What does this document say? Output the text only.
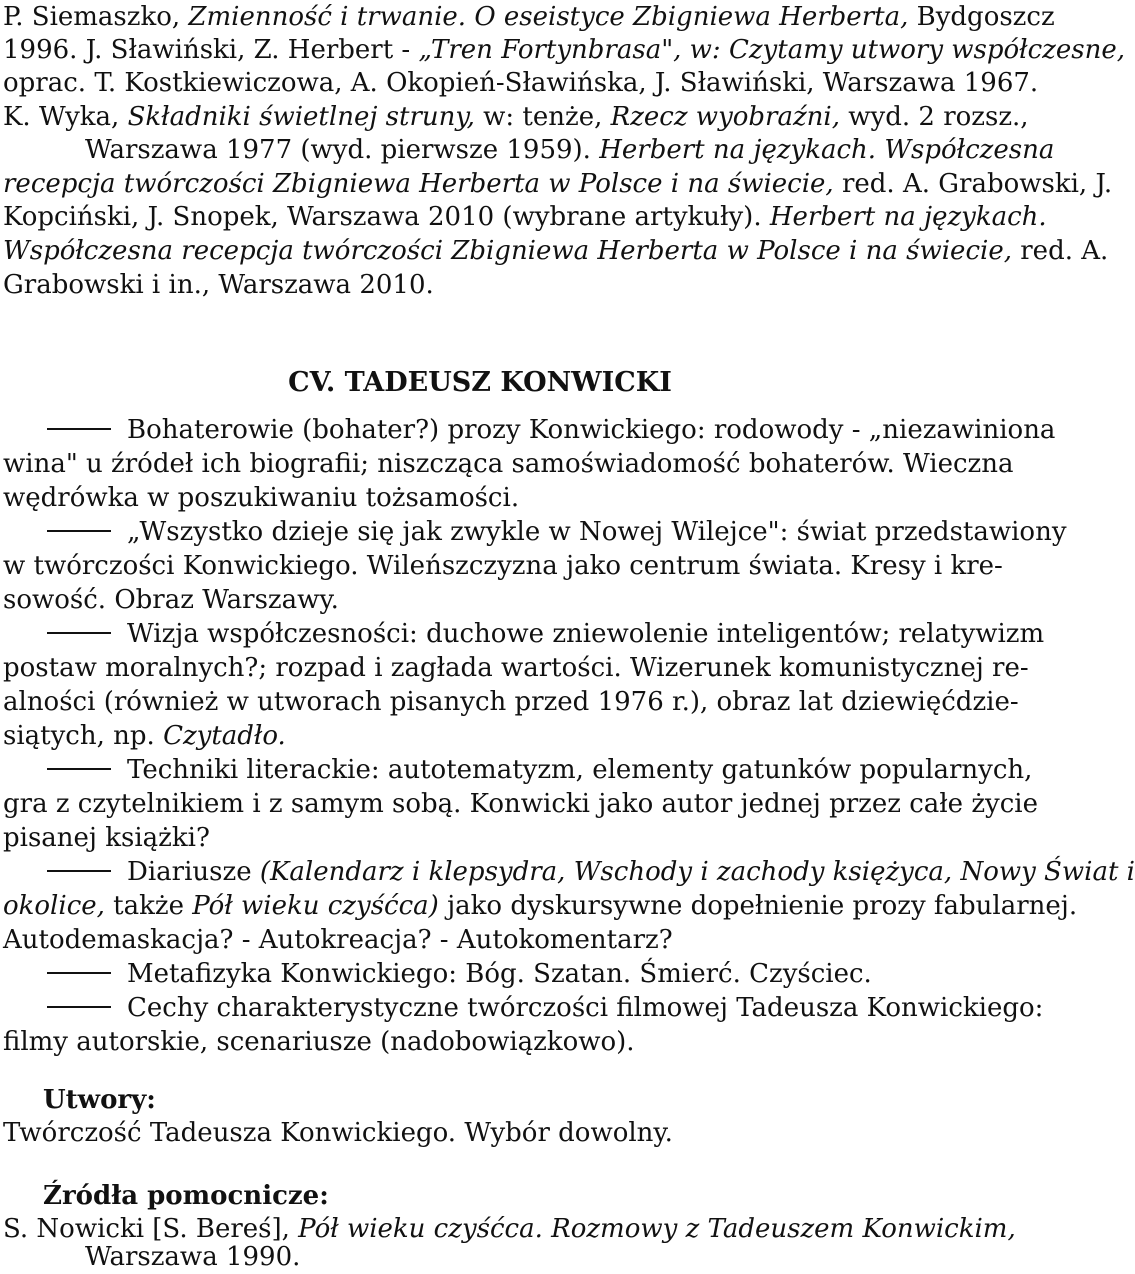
P. Siemaszko, Zmienność i trwanie. O eseistyce Zbigniewa Herberta, Bydgoszcz

1996. J. Sławiński, Z. Herbert - „Tren Fortynbrasa", w: Czytamy utwory współczesne,

oprac. T. Kostkiewiczowa, A. Okopień-Sławińska, J. Sławiński, Warszawa 1967.

K. Wyka, Składniki świetlnej struny, w: tenże, Rzecz wyobraźni, wyd. 2 rozsz.,

Warszawa 1977 (wyd. pierwsze 1959). Herbert na językach. Współczesna

recepcja twórczości Zbigniewa Herberta w Polsce i na świecie, red. A. Grabowski, J.

Kopciński, J. Snopek, Warszawa 2010 (wybrane artykuły). Herbert na językach.

Współczesna recepcja twórczości Zbigniewa Herberta w Polsce i na świecie, red. A.

Grabowski i in., Warszawa 2010.

CV. TADEUSZ KONWICKI

Bohaterowie (bohater?) prozy Konwickiego: rodowody - „niezawiniona

wina" u źródeł ich biografii; niszcząca samoświadomość bohaterów. Wieczna

wędrówka w poszukiwaniu tożsamości.

„Wszystko dzieje się jak zwykle w Nowej Wilejce": świat przedstawiony

w twórczości Konwickiego. Wileńszczyzna jako centrum świata. Kresy i kre-

sowość. Obraz Warszawy.

Wizja współczesności: duchowe zniewolenie inteligentów; relatywizm

postaw moralnych?; rozpad i zagłada wartości. Wizerunek komunistycznej re-

alności (również w utworach pisanych przed 1976 r.), obraz lat dziewięćdzie-

siątych, np. Czytadło.

Techniki literackie: autotematyzm, elementy gatunków popularnych,

gra z czytelnikiem i z samym sobą. Konwicki jako autor jednej przez całe życie

pisanej książki?

Diariusze (Kalendarz i klepsydra, Wschody i zachody księżyca, Nowy Świat i

okolice, także Pół wieku czyśćca) jako dyskursywne dopełnienie prozy fabularnej.

Autodemaskacja? - Autokreacja? - Autokomentarz?

Metafizyka Konwickiego: Bóg. Szatan. Śmierć. Czyściec.

Cechy charakterystyczne twórczości filmowej Tadeusza Konwickiego:

filmy autorskie, scenariusze (nadobowiązkowo).

Utwory:

Twórczość Tadeusza Konwickiego. Wybór dowolny.

Źródła pomocnicze:

S. Nowicki [S. Bereś], Pół wieku czyśćca. Rozmowy z Tadeuszem Konwickim,

Warszawa 1990.
